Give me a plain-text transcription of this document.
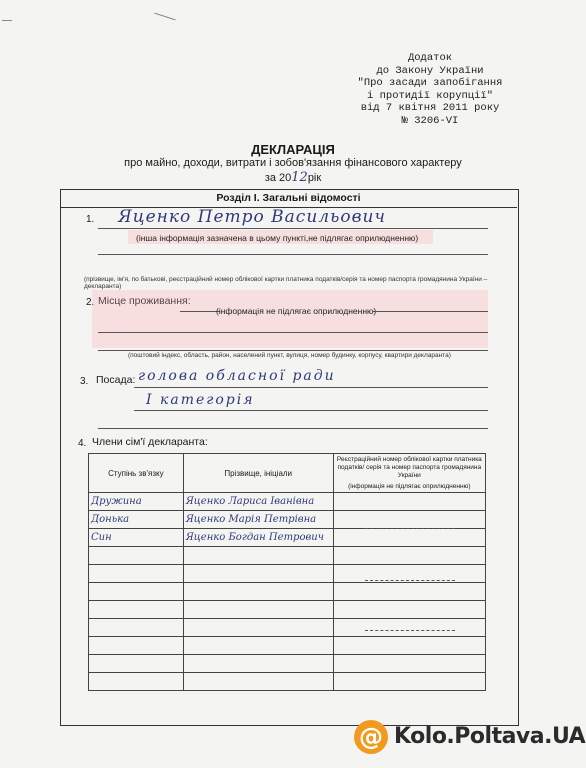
Додаток
до Закону України
"Про засади запобігання
і протидії корупції"
від 7 квітня 2011 року
№ 3206-VI
ДЕКЛАРАЦІЯ
про майно, доходи, витрати і зобов'язання фінансового характеру
за 2012рік
Розділ І. Загальні відомості
1. Яценко Петро Васильович
(інша інформація зазначена в цьому пункті,не підлягає оприлюдненню)
(прізвище, ім'я, по батькові, реєстраційний номер облікової картки платника податків/серія та номер паспорта громадянина України – декларанта)
2. Місце проживання:
(інформація не підлягає оприлюдненню)
(поштовий індекс, область, район, населений пункт, вулиця, номер будинку, корпусу, квартири декларанта)
3. Посада: голова обласної ради
І категорія
4. Члени сім'ї декларанта:
Ступінь зв'язку	Прізвище, ініціали	Реєстраційний номер облікової картки платника податків/ серія та номер паспорта громадянина України
(інформація не підлягає оприлюдненню)

Дружина	Яценко Лариса Іванівна	
Донька	Яценко Марія Петрівна	
Син	Яценко Богдан Петрович	

@ Kolo.Poltava.UA
